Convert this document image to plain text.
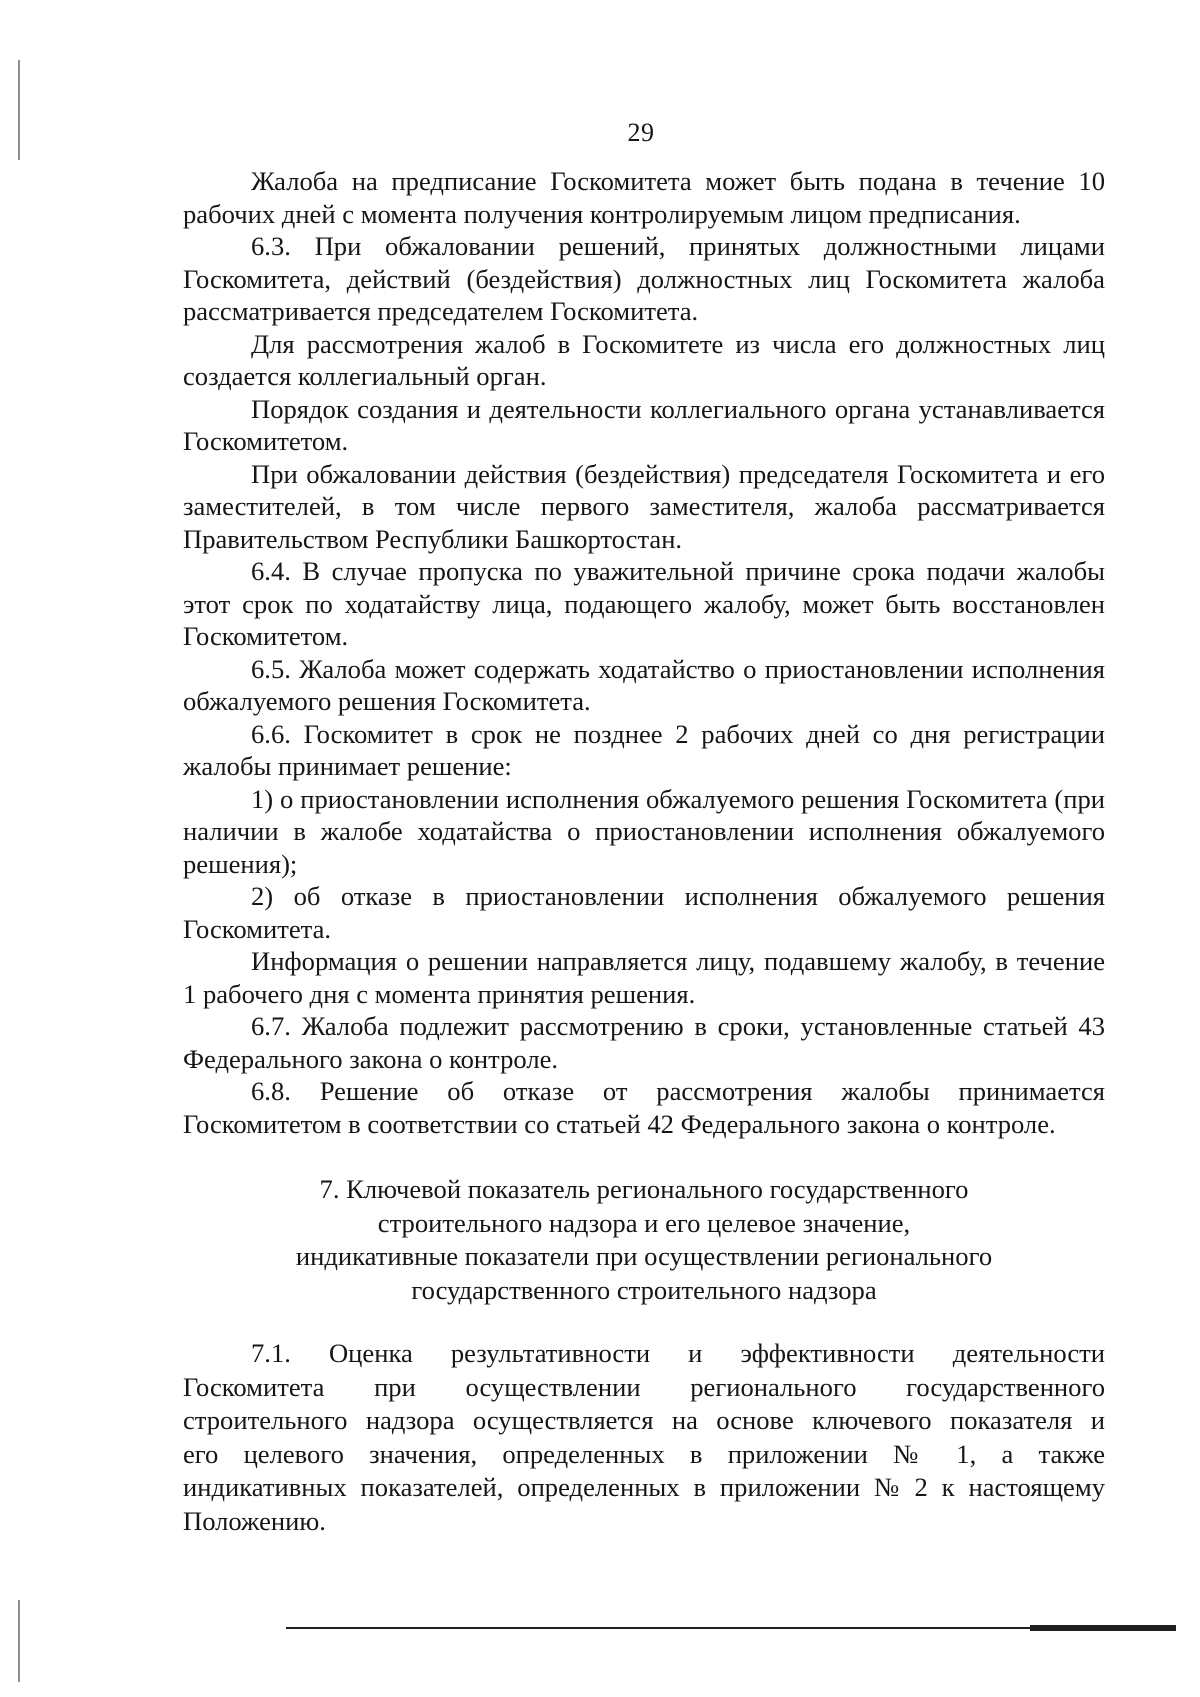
29

Жалоба на предписание Госкомитета может быть подана в течение 10 рабочих дней с момента получения контролируемым лицом предписания.

6.3. При обжаловании решений, принятых должностными лицами Госкомитета, действий (бездействия) должностных лиц Госкомитета жалоба рассматривается председателем Госкомитета.

Для рассмотрения жалоб в Госкомитете из числа его должностных лиц создается коллегиальный орган.

Порядок создания и деятельности коллегиального органа устанавливается Госкомитетом.

При обжаловании действия (бездействия) председателя Госкомитета и его заместителей, в том числе первого заместителя, жалоба рассматривается Правительством Республики Башкортостан.

6.4. В случае пропуска по уважительной причине срока подачи жалобы этот срок по ходатайству лица, подающего жалобу, может быть восстановлен Госкомитетом.

6.5. Жалоба может содержать ходатайство о приостановлении исполнения обжалуемого решения Госкомитета.

6.6. Госкомитет в срок не позднее 2 рабочих дней со дня регистрации жалобы принимает решение:

1) о приостановлении исполнения обжалуемого решения Госкомитета (при наличии в жалобе ходатайства о приостановлении исполнения обжалуемого решения);

2) об отказе в приостановлении исполнения обжалуемого решения Госкомитета.

Информация о решении направляется лицу, подавшему жалобу, в течение 1 рабочего дня с момента принятия решения.

6.7. Жалоба подлежит рассмотрению в сроки, установленные статьей 43 Федерального закона о контроле.

6.8. Решение об отказе от рассмотрения жалобы принимается Госкомитетом в соответствии со статьей 42 Федерального закона о контроле.

7. Ключевой показатель регионального государственного
строительного надзора и его целевое значение,
индикативные показатели при осуществлении регионального
государственного строительного надзора

7.1. Оценка результативности и эффективности деятельности Госкомитета при осуществлении регионального государственного строительного надзора осуществляется на основе ключевого показателя и его целевого значения, определенных в приложении № 1, а также индикативных показателей, определенных в приложении № 2 к настоящему Положению.
